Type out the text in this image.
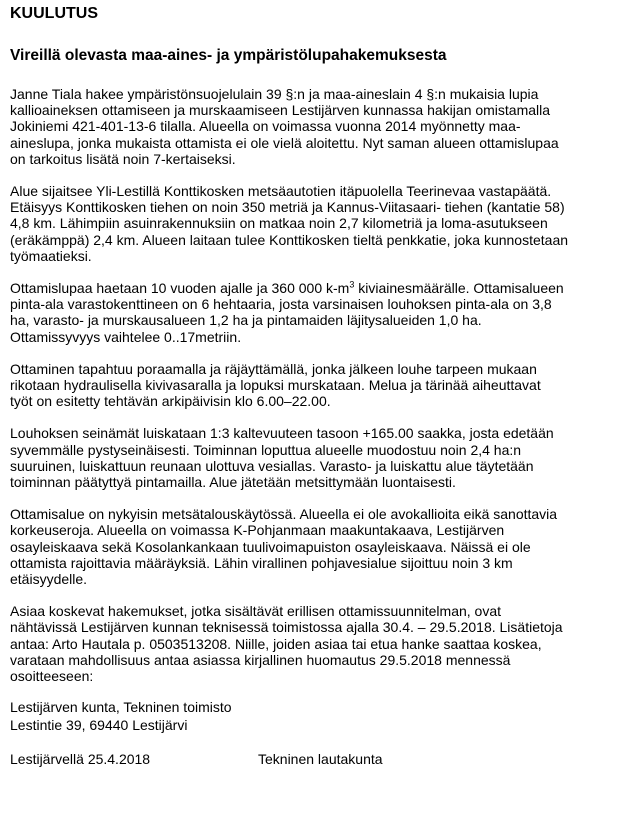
KUULUTUS
Vireillä olevasta maa-aines- ja ympäristölupahakemuksesta
Janne Tiala hakee ympäristönsuojelulain 39 §:n ja maa-aineslain 4 §:n mukaisia lupia
kallioaineksen ottamiseen ja murskaamiseen Lestijärven kunnassa hakijan omistamalla
Jokiniemi 421-401-13-6 tilalla. Alueella on voimassa vuonna 2014 myönnetty maa-
aineslupa, jonka mukaista ottamista ei ole vielä aloitettu. Nyt saman alueen ottamislupaa
on tarkoitus lisätä noin 7-kertaiseksi.
Alue sijaitsee Yli-Lestillä Konttikosken metsäautotien itäpuolella Teerinevaa vastapäätä.
Etäisyys Konttikosken tiehen on noin 350 metriä ja Kannus-Viitasaari- tiehen (kantatie 58)
4,8 km. Lähimpiin asuinrakennuksiin on matkaa noin 2,7 kilometriä ja loma-asutukseen
(eräkämppä) 2,4 km. Alueen laitaan tulee Konttikosken tieltä penkkatie, joka kunnostetaan
työmaatieksi.
Ottamislupaa haetaan 10 vuoden ajalle ja 360 000 $k-m^3$ kiviainesmäärälle. Ottamisalueen
pinta-ala varastokenttineen on 6 hehtaaria, josta varsinaisen louhoksen pinta-ala on 3,8
ha, varasto- ja murskausalueen 1,2 ha ja pintamaiden läjitysalueiden 1,0 ha.
Ottamissyvyys vaihtelee 0..17metriin.
Ottaminen tapahtuu poraamalla ja räjäyttämällä, jonka jälkeen louhe tarpeen mukaan
rikotaan hydraulisella kivivasaralla ja lopuksi murskataan. Melua ja tärinää aiheuttavat
työt on esitetty tehtävän arkipäivisin klo 6.00–22.00.
Louhoksen seinämät luiskataan 1:3 kaltevuuteen tasoon +165.00 saakka, josta edetään
syvemmälle pystyseinäisesti. Toiminnan loputtua alueelle muodostuu noin 2,4 ha:n
suuruinen, luiskattuun reunaan ulottuva vesiallas. Varasto- ja luiskattu alue täytetään
toiminnan päätyttyä pintamailla. Alue jätetään metsittymään luontaisesti.
Ottamisalue on nykyisin metsätalouskäytössä. Alueella ei ole avokallioita eikä sanottavia
korkeuseroja. Alueella on voimassa K-Pohjanmaan maakuntakaava, Lestijärven
osayleiskaava sekä Kosolankankaan tuulivoimapuiston osayleiskaava. Näissä ei ole
ottamista rajoittavia määräyksiä. Lähin virallinen pohjavesialue sijoittuu noin 3 km
etäisyydelle.
Asiaa koskevat hakemukset, jotka sisältävät erillisen ottamissuunnitelman, ovat
nähtävissä Lestijärven kunnan teknisessä toimistossa ajalla 30.4. – 29.5.2018. Lisätietoja
antaa: Arto Hautala p. 0503513208. Niille, joiden asiaa tai etua hanke saattaa koskea,
varataan mahdollisuus antaa asiassa kirjallinen huomautus 29.5.2018 mennessä
osoitteeseen:
Lestijärven kunta, Tekninen toimisto
Lestintie 39, 69440 Lestijärvi
Lestijärvellä 25.4.2018	Tekninen lautakunta
